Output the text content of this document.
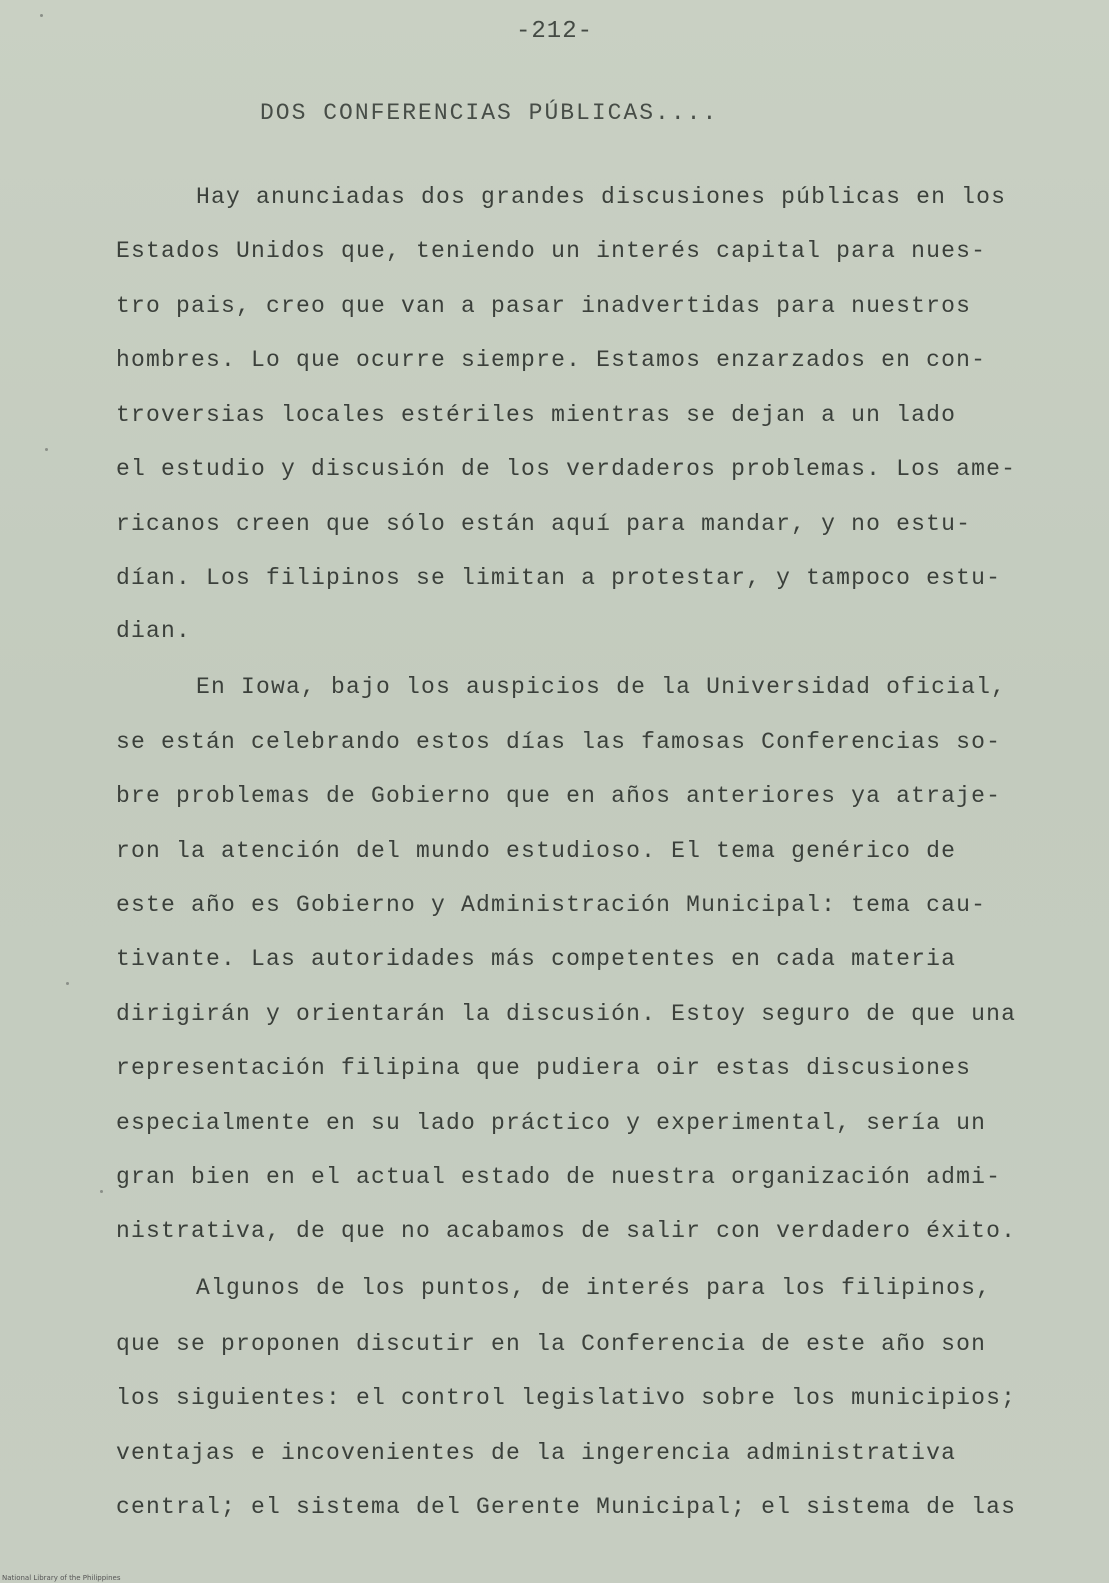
-212-
DOS CONFERENCIAS PÚBLICAS....
Hay anunciadas dos grandes discusiones públicas en los
Estados Unidos que, teniendo un interés capital para nues-
tro pais, creo que van a pasar inadvertidas para nuestros
hombres. Lo que ocurre siempre. Estamos enzarzados en con-
troversias locales estériles mientras se dejan a un lado
el estudio y discusión de los verdaderos problemas. Los ame-
ricanos creen que sólo están aquí para mandar, y no estu-
dían. Los filipinos se limitan a protestar, y tampoco estu-
dian.
En Iowa, bajo los auspicios de la Universidad oficial,
se están celebrando estos días las famosas Conferencias so-
bre problemas de Gobierno que en años anteriores ya atraje-
ron la atención del mundo estudioso. El tema genérico de
este año es Gobierno y Administración Municipal: tema cau-
tivante. Las autoridades más competentes en cada materia
dirigirán y orientarán la discusión. Estoy seguro de que una
representación filipina que pudiera oir estas discusiones
especialmente en su lado práctico y experimental, sería un
gran bien en el actual estado de nuestra organización admi-
nistrativa, de que no acabamos de salir con verdadero éxito.
Algunos de los puntos, de interés para los filipinos,
que se proponen discutir en la Conferencia de este año son
los siguientes: el control legislativo sobre los municipios;
ventajas e incovenientes de la ingerencia administrativa
central; el sistema del Gerente Municipal; el sistema de las
National Library of the Philippines
